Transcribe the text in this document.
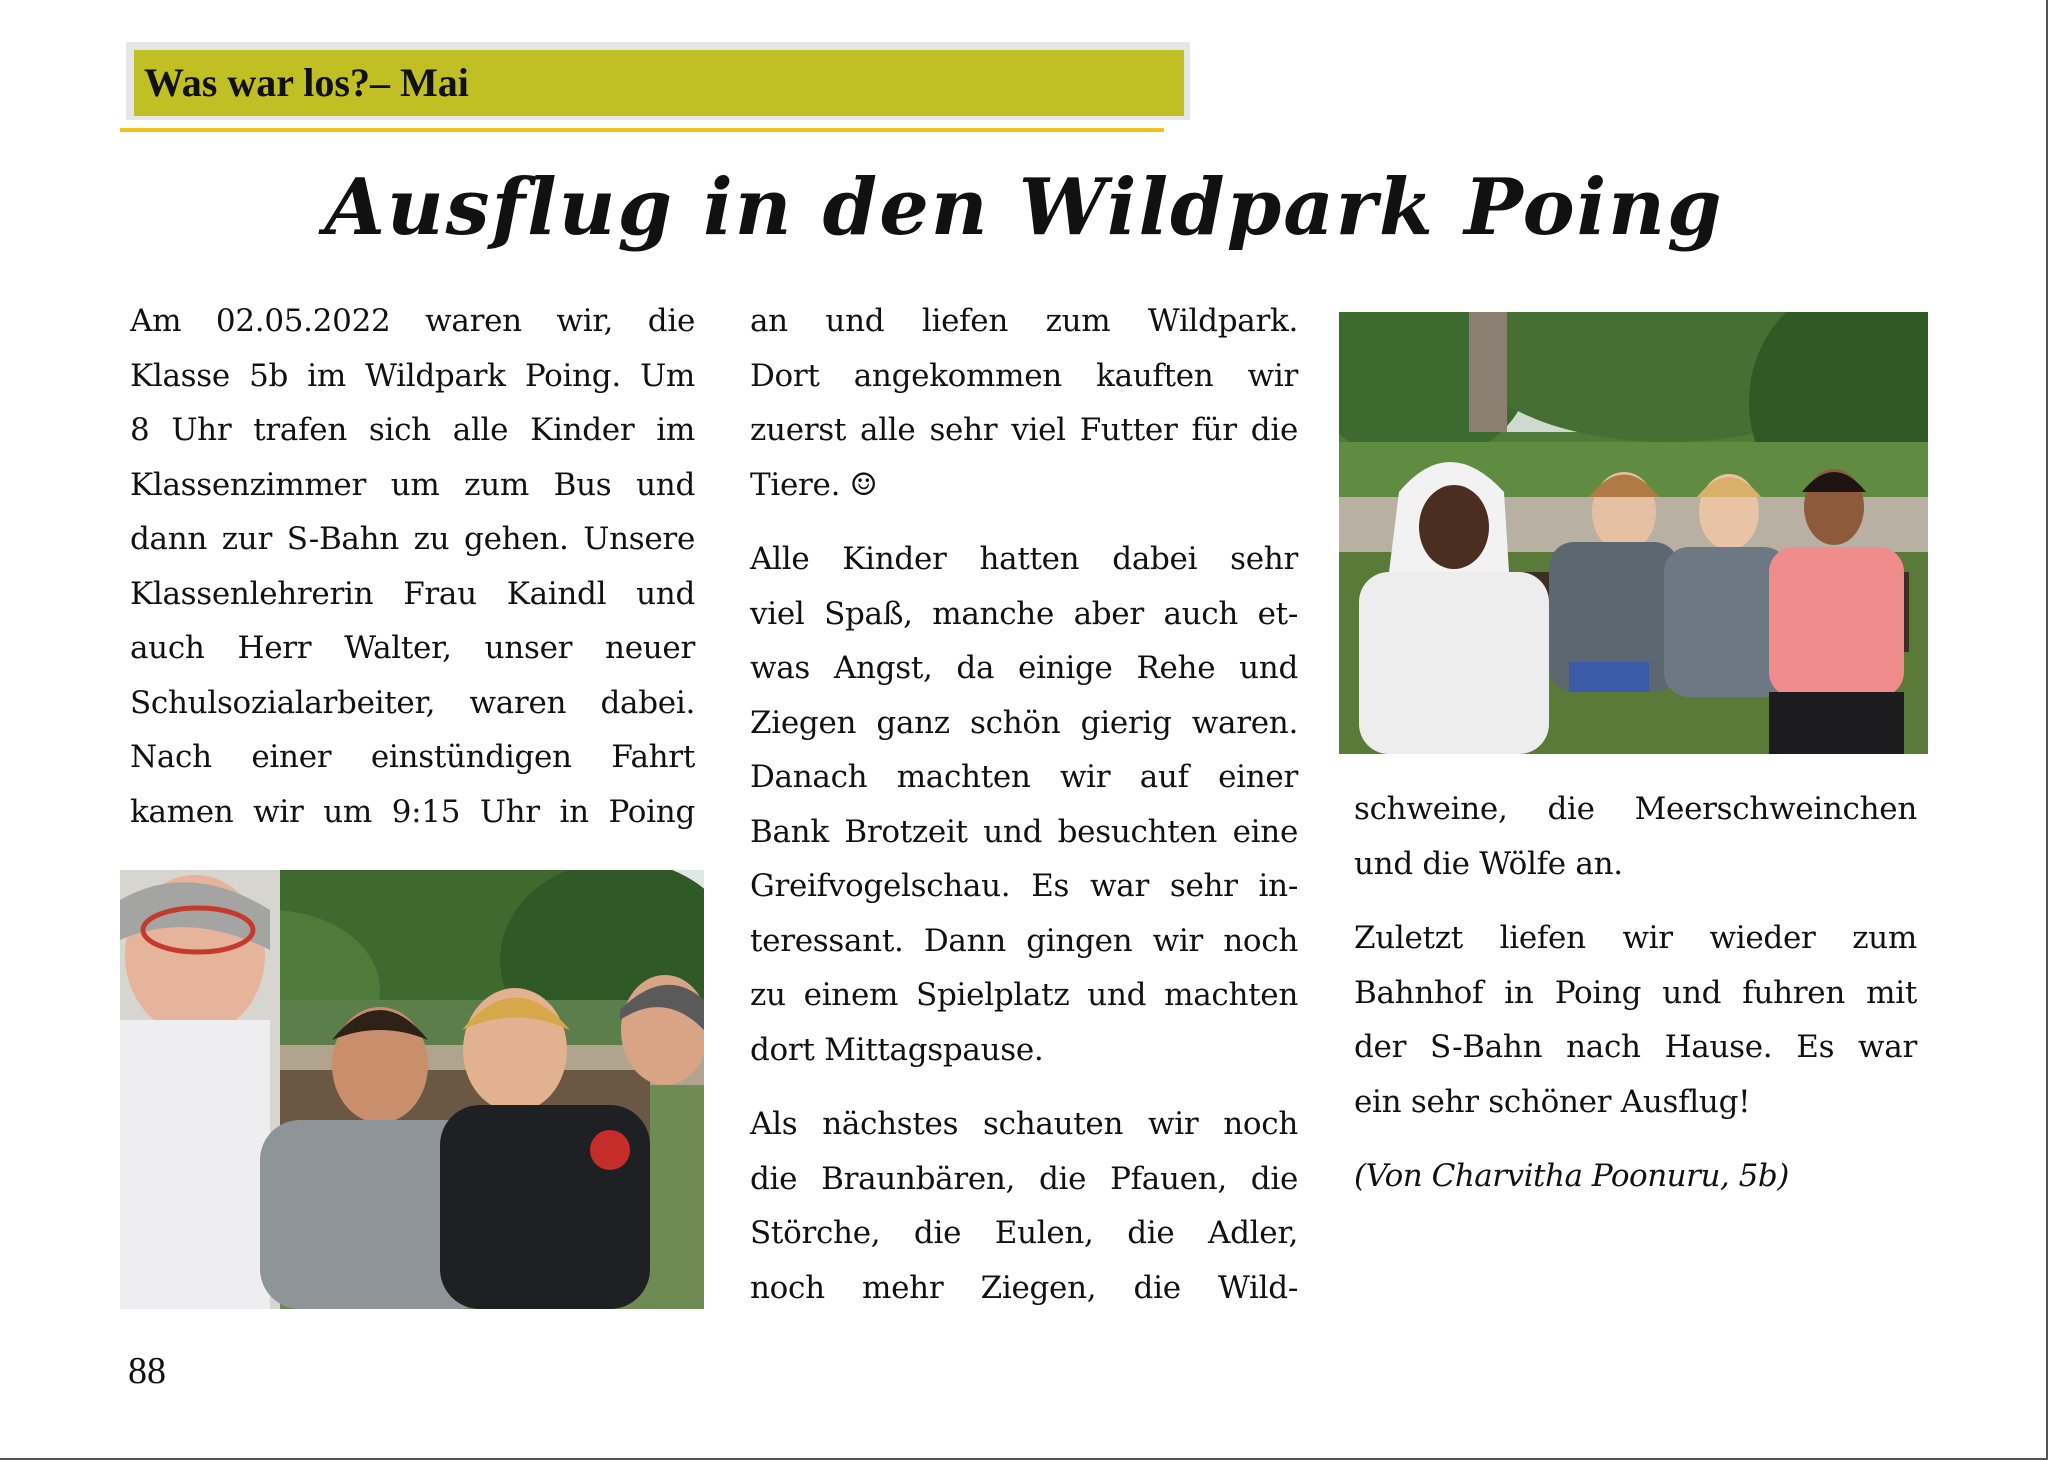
Was war los?– Mai
Ausflug in den Wildpark Poing
Am 02.05.2022 waren wir, die
Klasse 5b im Wildpark Poing. Um
8 Uhr trafen sich alle Kinder im
Klassenzimmer um zum Bus und
dann zur S-Bahn zu gehen. Unsere
Klassenlehrerin Frau Kaindl und
auch Herr Walter, unser neuer
Schulsozialarbeiter, waren dabei.
Nach einer einstündigen Fahrt
kamen wir um 9:15 Uhr in Poing
an und liefen zum Wildpark.
Dort angekommen kauften wir
zuerst alle sehr viel Futter für die
Tiere. ☺
Alle Kinder hatten dabei sehr
viel Spaß, manche aber auch et-
was Angst, da einige Rehe und
Ziegen ganz schön gierig waren.
Danach machten wir auf einer
Bank Brotzeit und besuchten eine
Greifvogelschau. Es war sehr in-
teressant. Dann gingen wir noch
zu einem Spielplatz und machten
dort Mittagspause.
Als nächstes schauten wir noch
die Braunbären, die Pfauen, die
Störche, die Eulen, die Adler,
noch mehr Ziegen, die Wild-
schweine, die Meerschweinchen
und die Wölfe an.
Zuletzt liefen wir wieder zum
Bahnhof in Poing und fuhren mit
der S-Bahn nach Hause. Es war
ein sehr schöner Ausflug!
(Von Charvitha Poonuru, 5b)
88
